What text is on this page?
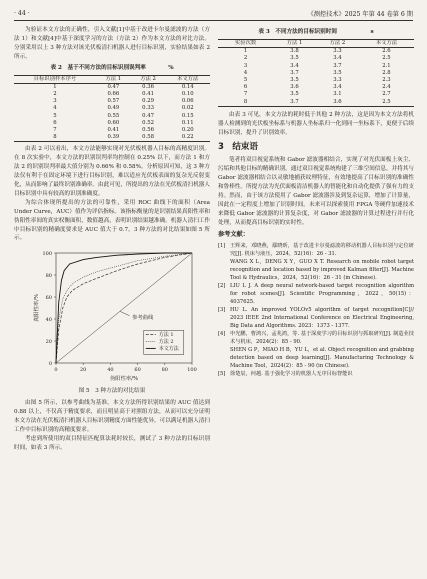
· 44 ·	《测控技术》2025 年第 44 卷第 6 期

为验证本文方法的正确性，引入文献[1]中基于改进卡尔曼滤波的方法（方法 1）和文献[4]中基于深度学习的方法（方法 2）作为本文方法的对比方法。分别采用以上 3 种方法对该光伏板清扫机器人进行目标识别，实验结果如表 2 所示。

表 2　基于不同方法的目标识别误判率　　　　%
目标识别样本序号	方法 1	方法 2	本文方法
1	0.47	0.36	0.14
2	0.66	0.41	0.10
3	0.57	0.29	0.06
4	0.49	0.33	0.02
5	0.55	0.47	0.15
6	0.60	0.52	0.11
7	0.41	0.56	0.20
8	0.39	0.58	0.22

由表 2 可以看出，本文方法能够实现对光伏板机器人目标的高精度识别。在 8 次实验中，本文方法的识别误判率均控制在 0.25% 以下，而方法 1 和方法 2 的识别误判率最大值分别为 0.66% 和 0.58%。分析原因可知，这 3 种方法仅有利于在固定环境下进行目标识别，难以适应光伏板表面的复杂光反射变化，从而影响了最终识别准确率。由此可见，所提出的方法在光伏板清扫机器人目标识别中具有较高的识别准确度。

为综合体现所提出的方法的可靠性，采用 ROC 曲线下的面积（Area Under Curve，AUC）值作为评估指标。该指标衡量的是识别结果真阳性率和伪阳性率间的真实权衡面积，数值越高，表明识别结果越准确。机器人清扫工作中目标识别的精确度要求是 AUC 值大于 0.7。3 种方法的对比结果如图 5 所示。

0
0
20
20
40
40
60
60
80
80
100
100
伪阳性率/%
真阳性率/%	参考曲线
方法 1
方法 2
本文方法
图 5　3 种方法的对比结果

由图 5 所示，以参考曲线为基准，本文方法所得识别结果的 AUC 值达到 0.88 以上，不仅高于精度要求，而且明显高于对照组方法，从而可以充分证明本文方法在光伏板清扫机器人目标识别精度方面性能优异，可以满足机器人清扫工作中目标识别的高精度要求。

考虑到所使用的双目特征匹配算法耗时较长，测试了 3 种方法的目标识别时间，如表 3 所示。

表 3　不同方法的目标识别时间　　　　　　s
实验次数	方法 1	方法 2	本文方法
1	3.8	3.3	2.6
2	3.5	3.4	2.5
3	3.4	3.7	2.1
4	3.7	3.5	2.8
5	3.5	3.3	2.3
6	3.6	3.4	2.4
7	3.5	3.1	2.7
8	3.7	3.6	2.5

由表 3 可见，本文方法的耗时低于其他 2 种方法，这是因为本文方法将机器人检测到的光伏板坐标系与机器人坐标系归一化到同一坐标系下，更便于后续目标识别，提升了识别效率。

3　结束语

笔者将双目视觉系统和 Gabor 滤波器相结合，实现了对光伏面板上灰尘、污垢和其他目标的精确识别。通过双目视觉系统构建了三维空间信息，并将其与 Gabor 滤波器相结合以灵敏地捕获纹理特征，有效地提高了目标识别的准确性和鲁棒性。所提方法为光伏面板清洁机器人的智能化和自动化提供了强有力的支持。然而，由于该方法使用了 Gabor 滤波器涉及到复杂运算，增加了计算量，因此在一定程度上增加了识别时间。未来可以探索使用 FPGA 等硬件加速技术来降低 Gabor 滤波器的计算复杂度，对 Gabor 滤波器的计算过程进行并行化处理，从而提高目标识别的实时性。

参考文献：
[1] 王辉来，邓晓燕，鄢晓昕，基于改进卡尔曼滤波的移动机器人目标识别与定位研究[J]. 机床与液压，2024，52(16)：26 - 31.
WANG X L，DENG X Y，GUO X T. Research on mobile robot target recognition and location based by improved Kalman filter[J]. Machine Tool & Hydraulics，2024，52(16)：26 - 31 (in Chinese).
[2] LIU L J. A deep neural network-based target recognition algorithm for robot scenes[J]. Scientific Programming，2022，50(15)：4037625.
[3] HU L. An improved YOLOv5 algorithm of target recognition[C]// 2023 IEEE 2nd International Conference on Electrical Engineering, Big Data and Algorithms. 2023：1373 - 1377.
[4] 申光鹏，曹鸿兴，孟兆鸿，等. 基于深度学习的目标识别与抓取研究[J]. 制造业技术与机床，2024(2)：85 - 90.
SHEN G P，MIAO H B，YU L，et al. Object recognition and grabbing detection based on deep learning[J]. Manufacturing Technology & Machine Tool，2024(2)：85 - 90 (in Chinese).
[5] 徐楚辰，何越. 基于强化学习的机器人无序目标智能识
